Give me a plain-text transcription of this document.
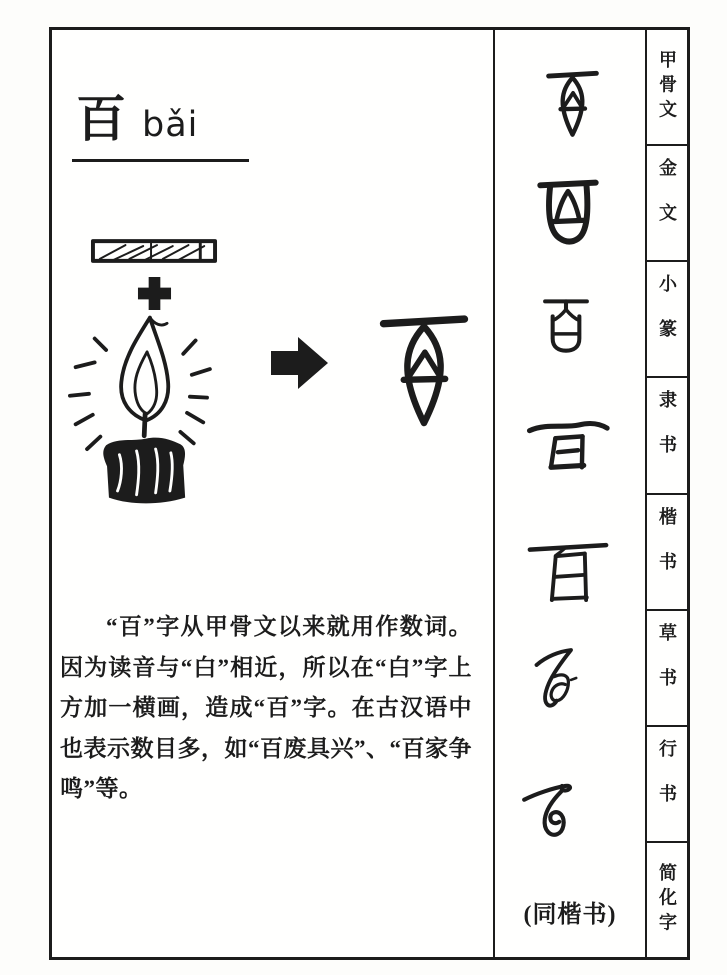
百 bǎi

“百”字从甲骨文以来就用作数词。因为读音与“白”相近，所以在“白”字上方加一横画，造成“百”字。在古汉语中也表示数目多，如“百废具兴”、“百家争鸣”等。

(同楷书)
甲骨文
金文
小篆
隶书
楷书
草书
行书
简化字
